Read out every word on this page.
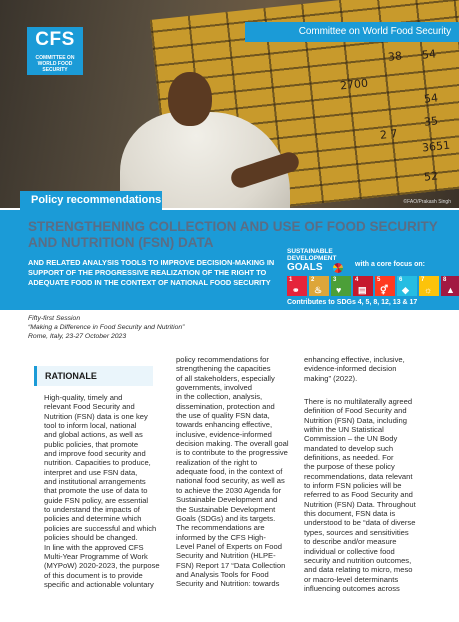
38 54
2700
54
2 7
35
3651
52
©FAO/Prakash Singh
Committee on World Food Security
CFS
COMMITTEE ON WORLD FOOD SECURITY
Policy recommendations
STRENGTHENING COLLECTION AND USE OF FOOD SECURITY AND NUTRITION (FSN) DATA
AND RELATED ANALYSIS TOOLS TO IMPROVE DECISION-MAKING IN SUPPORT OF THE PROGRESSIVE REALIZATION OF THE RIGHT TO ADEQUATE FOOD IN THE CONTEXT OF NATIONAL FOOD SECURITY
SUSTAINABLE
DEVELOPMENT
GOALS	with a core focus on:
1
⚭
2
♨
3
♥
4
▤
5
⚥
6
◆
7
☼
8
▲
Contributes to SDGs 4, 5, 8, 12, 13 & 17
Fifty-first Session
“Making a Difference in Food Security and Nutrition”
Rome, Italy, 23-27 October 2023
RATIONALE
High-quality, timely and
relevant Food Security and
Nutrition (FSN) data is one key
tool to inform local, national
and global actions, as well as
public policies, that promote
and improve food security and
nutrition. Capacities to produce,
interpret and use FSN data,
and institutional arrangements
that promote the use of data to
guide FSN policy, are essential
to understand the impacts of
policies and determine which
policies are successful and which
policies should be changed.
In line with the approved CFS
Multi-Year Programme of Work
(MYPoW) 2020-2023, the purpose
of this document is to provide
specific and actionable voluntary
policy recommendations for
strengthening the capacities
of all stakeholders, especially
governments, involved
in the collection, analysis,
dissemination, protection and
the use of quality FSN data,
towards enhancing effective,
inclusive, evidence-informed
decision making. The overall goal
is to contribute to the progressive
realization of the right to
adequate food, in the context of
national food security, as well as
to achieve the 2030 Agenda for
Sustainable Development and
the Sustainable Development
Goals (SDGs) and its targets.
The recommendations are
informed by the CFS High-
Level Panel of Experts on Food
Security and Nutrition (HLPE-
FSN) Report 17 “Data Collection
and Analysis Tools for Food
Security and Nutrition: towards
enhancing effective, inclusive,
evidence-informed decision
making” (2022).
There is no multilaterally agreed
definition of Food Security and
Nutrition (FSN) Data, including
within the UN Statistical
Commission – the UN Body
mandated to develop such
definitions, as needed. For
the purpose of these policy
recommendations, data relevant
to inform FSN policies will be
referred to as Food Security and
Nutrition (FSN) Data. Throughout
this document, FSN data is
understood to be “data of diverse
types, sources and sensitivities
to describe and/or measure
individual or collective food
security and nutrition outcomes,
and data relating to micro, meso
or macro-level determinants
influencing outcomes across
